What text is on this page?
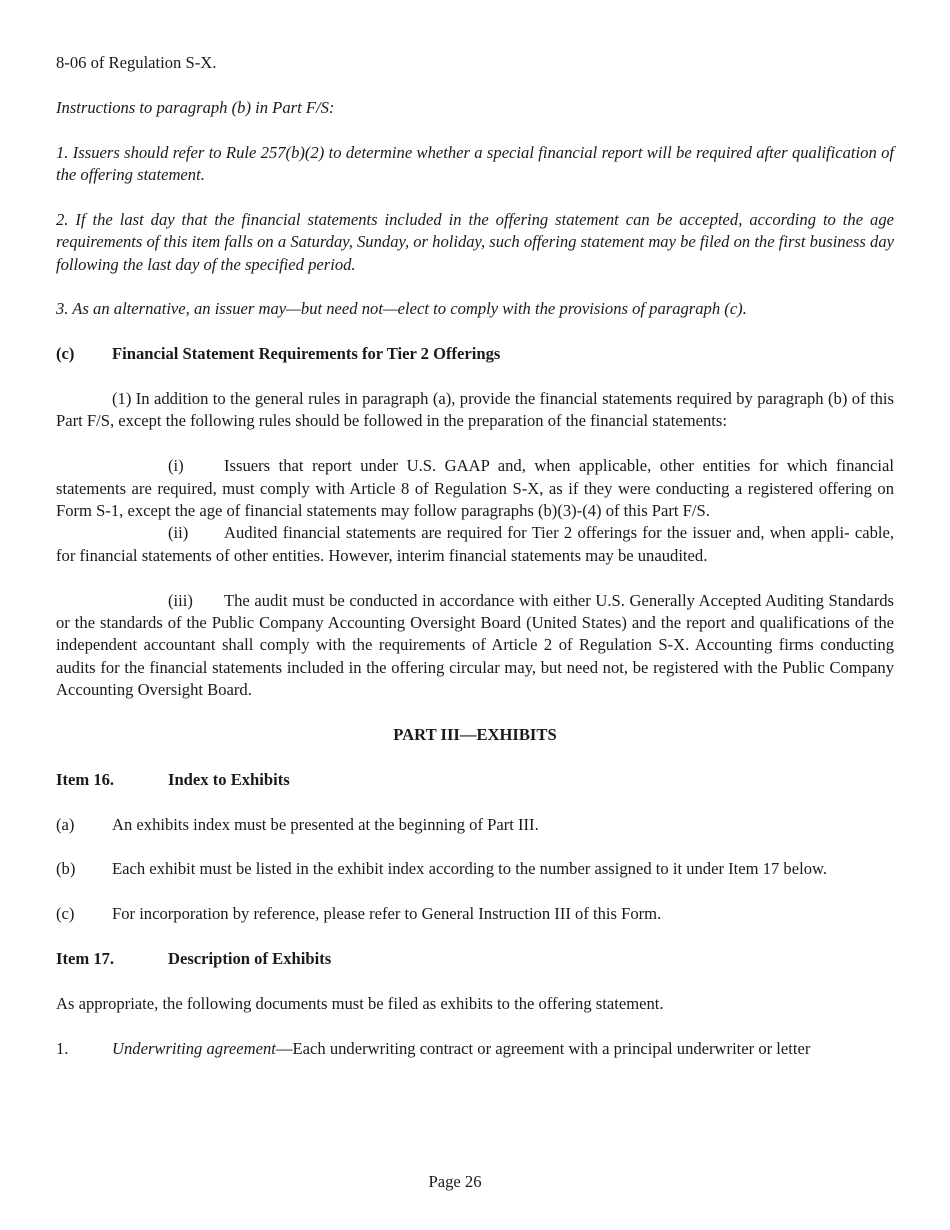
8-06 of Regulation S-X.

Instructions to paragraph (b) in Part F/S:

1. Issuers should refer to Rule 257(b)(2) to determine whether a special financial report will be required after qualification of the offering statement.

2. If the last day that the financial statements included in the offering statement can be accepted, according to the age requirements of this item falls on a Saturday, Sunday, or holiday, such offering statement may be filed on the first business day following the last day of the specified period.

3. As an alternative, an issuer may—but need not—elect to comply with the provisions of paragraph (c).

(c) Financial Statement Requirements for Tier 2 Offerings

(1) In addition to the general rules in paragraph (a), provide the financial statements required by paragraph (b) of this Part F/S, except the following rules should be followed in the preparation of the financial statements:

(i) Issuers that report under U.S. GAAP and, when applicable, other entities for which financial statements are required, must comply with Article 8 of Regulation S-X, as if they were conducting a registered offering on Form S-1, except the age of financial statements may follow paragraphs (b)(3)-(4) of this Part F/S.

(ii) Audited financial statements are required for Tier 2 offerings for the issuer and, when appli- cable, for financial statements of other entities. However, interim financial statements may be unaudited.

(iii) The audit must be conducted in accordance with either U.S. Generally Accepted Auditing Standards or the standards of the Public Company Accounting Oversight Board (United States) and the report and qualifications of the independent accountant shall comply with the requirements of Article 2 of Regulation S-X. Accounting firms conducting audits for the financial statements included in the offering circular may, but need not, be registered with the Public Company Accounting Oversight Board.

PART III—EXHIBITS

Item 16.	Index to Exhibits

(a) An exhibits index must be presented at the beginning of Part III.

(b) Each exhibit must be listed in the exhibit index according to the number assigned to it under Item 17 below.

(c) For incorporation by reference, please refer to General Instruction III of this Form.

Item 17.	Description of Exhibits

As appropriate, the following documents must be filed as exhibits to the offering statement.

1.	Underwriting agreement—Each underwriting contract or agreement with a principal underwriter or letter

Page 26
